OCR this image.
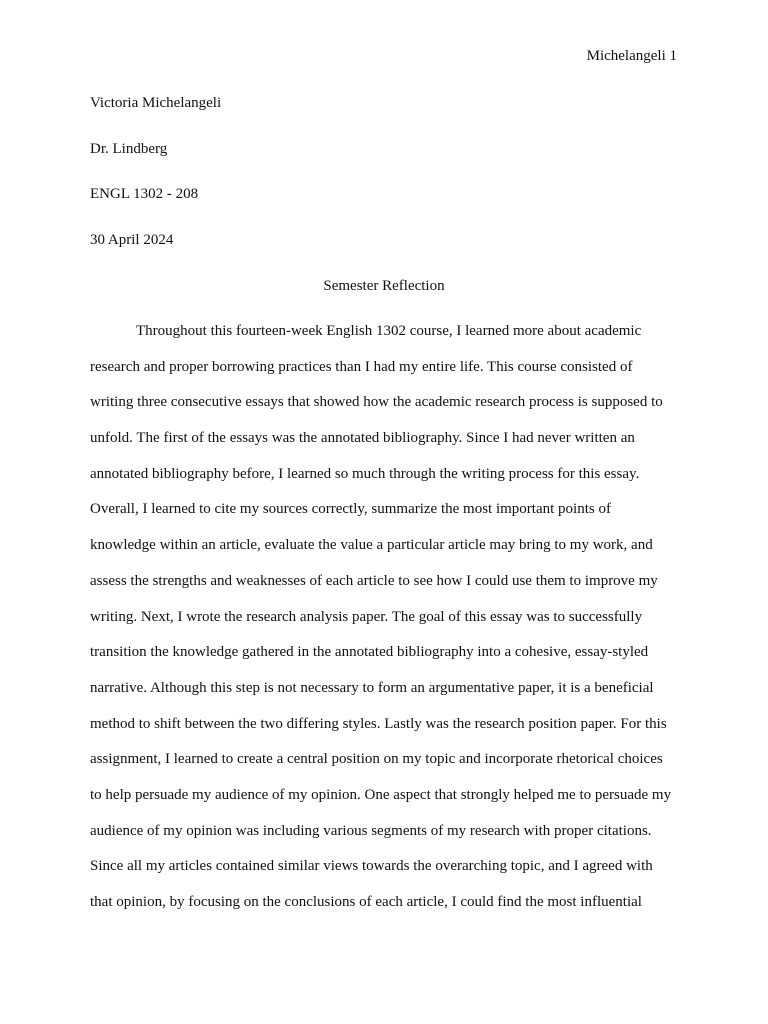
Michelangeli 1
Victoria Michelangeli
Dr. Lindberg
ENGL 1302 - 208
30 April 2024
Semester Reflection
Throughout this fourteen-week English 1302 course, I learned more about academic
research and proper borrowing practices than I had my entire life. This course consisted of
writing three consecutive essays that showed how the academic research process is supposed to
unfold. The first of the essays was the annotated bibliography. Since I had never written an
annotated bibliography before, I learned so much through the writing process for this essay.
Overall, I learned to cite my sources correctly, summarize the most important points of
knowledge within an article, evaluate the value a particular article may bring to my work, and
assess the strengths and weaknesses of each article to see how I could use them to improve my
writing. Next, I wrote the research analysis paper. The goal of this essay was to successfully
transition the knowledge gathered in the annotated bibliography into a cohesive, essay-styled
narrative. Although this step is not necessary to form an argumentative paper, it is a beneficial
method to shift between the two differing styles. Lastly was the research position paper. For this
assignment, I learned to create a central position on my topic and incorporate rhetorical choices
to help persuade my audience of my opinion. One aspect that strongly helped me to persuade my
audience of my opinion was including various segments of my research with proper citations.
Since all my articles contained similar views towards the overarching topic, and I agreed with
that opinion, by focusing on the conclusions of each article, I could find the most influential
